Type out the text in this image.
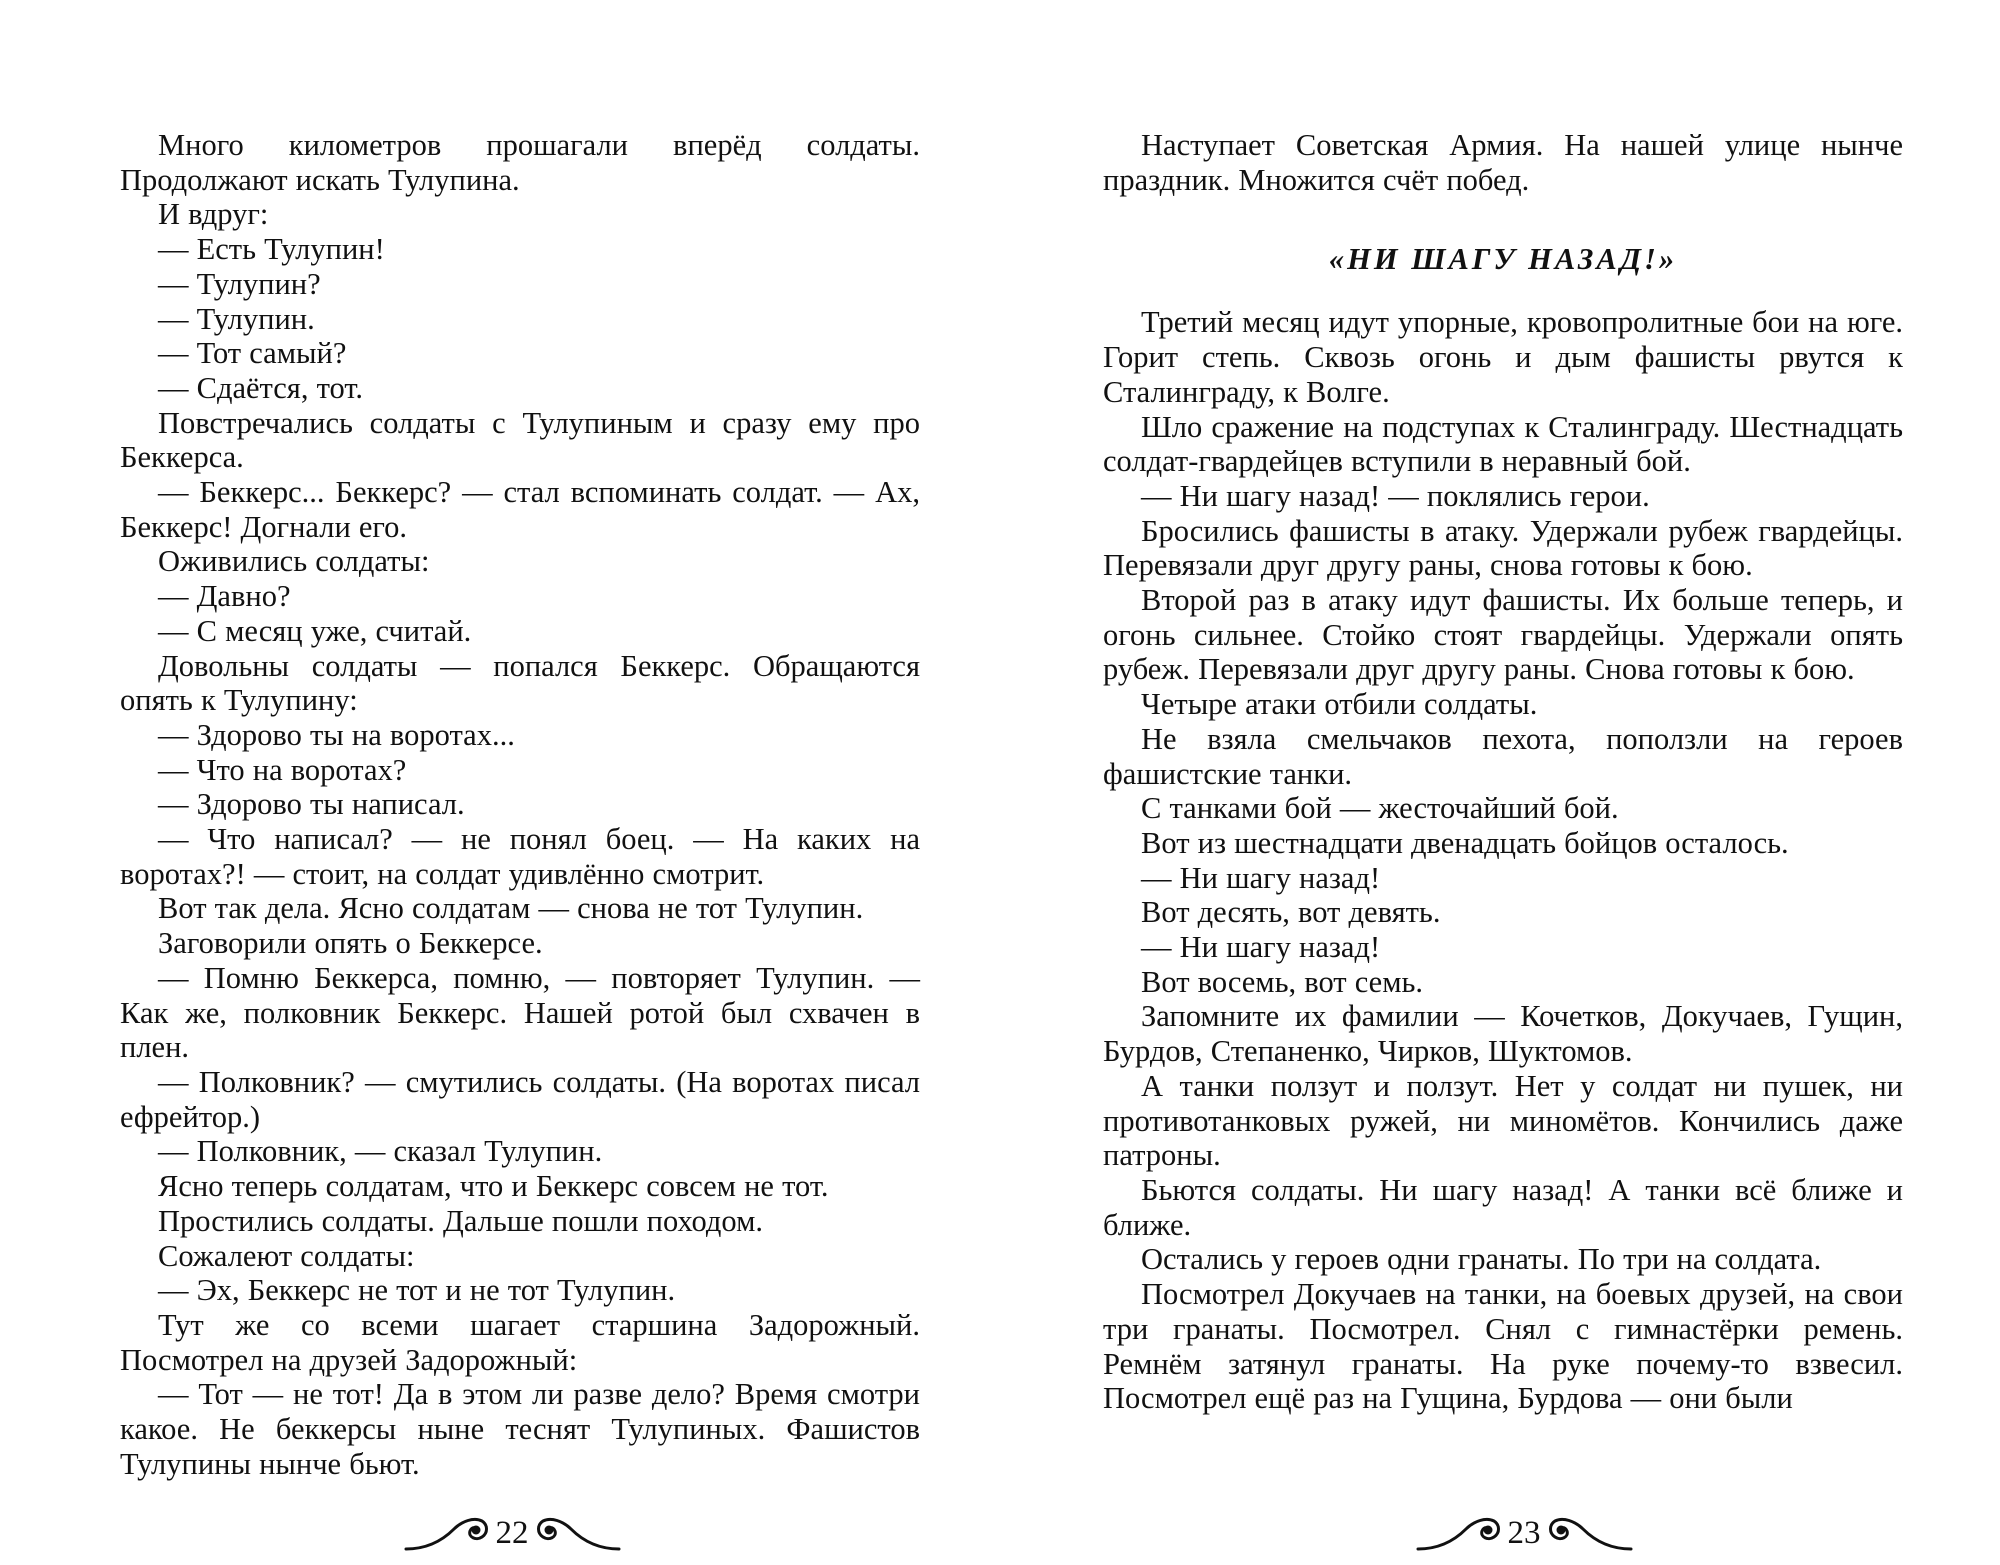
Много километров прошагали вперёд солдаты. Продолжают искать Тулупина.

И вдруг:

— Есть Тулупин!

— Тулупин?

— Тулупин.

— Тот самый?

— Сдаётся, тот.

Повстречались солдаты с Тулупиным и сразу ему про Беккерса.

— Беккерс... Беккерс? — стал вспоминать солдат. — Ах, Беккерс! Догнали его.

Оживились солдаты:

— Давно?

— С месяц уже, считай.

Довольны солдаты — попался Беккерс. Обращаются опять к Тулупину:

— Здорово ты на воротах...

— Что на воротах?

— Здорово ты написал.

— Что написал? — не понял боец. — На каких на воротах?! — стоит, на солдат удивлённо смотрит.

Вот так дела. Ясно солдатам — снова не тот Тулупин.

Заговорили опять о Беккерсе.

— Помню Беккерса, помню, — повторяет Тулупин. — Как же, полковник Беккерс. Нашей ротой был схвачен в плен.

— Полковник? — смутились солдаты. (На воротах писал ефрейтор.)

— Полковник, — сказал Тулупин.

Ясно теперь солдатам, что и Беккерс совсем не тот.

Простились солдаты. Дальше пошли походом.

Сожалеют солдаты:

— Эх, Беккерс не тот и не тот Тулупин.

Тут же со всеми шагает старшина Задорожный. Посмотрел на друзей Задорожный:

— Тот — не тот! Да в этом ли разве дело? Время смотри какое. Не беккерсы ныне теснят Тулупиных. Фашистов Тулупины нынче бьют.

Наступает Советская Армия. На нашей улице нынче праздник. Множится счёт побед.

«НИ ШАГУ НАЗАД!»

Третий месяц идут упорные, кровопролитные бои на юге. Горит степь. Сквозь огонь и дым фашисты рвутся к Сталинграду, к Волге.

Шло сражение на подступах к Сталинграду. Шестнадцать солдат-гвардейцев вступили в неравный бой.

— Ни шагу назад! — поклялись герои.

Бросились фашисты в атаку. Удержали рубеж гвардейцы. Перевязали друг другу раны, снова готовы к бою.

Второй раз в атаку идут фашисты. Их больше теперь, и огонь сильнее. Стойко стоят гвардейцы. Удержали опять рубеж. Перевязали друг другу раны. Снова готовы к бою.

Четыре атаки отбили солдаты.

Не взяла смельчаков пехота, поползли на героев фашистские танки.

С танками бой — жесточайший бой.

Вот из шестнадцати двенадцать бойцов осталось.

— Ни шагу назад!

Вот десять, вот девять.

— Ни шагу назад!

Вот восемь, вот семь.

Запомните их фамилии — Кочетков, Докучаев, Гущин, Бурдов, Степаненко, Чирков, Шуктомов.

А танки ползут и ползут. Нет у солдат ни пушек, ни противотанковых ружей, ни миномётов. Кончились даже патроны.

Бьются солдаты. Ни шагу назад! А танки всё ближе и ближе.

Остались у героев одни гранаты. По три на солдата.

Посмотрел Докучаев на танки, на боевых друзей, на свои три гранаты. Посмотрел. Снял с гимнастёрки ремень. Ремнём затянул гранаты. На руке почему-то взвесил. Посмотрел ещё раз на Гущина, Бурдова — они были

22	23
